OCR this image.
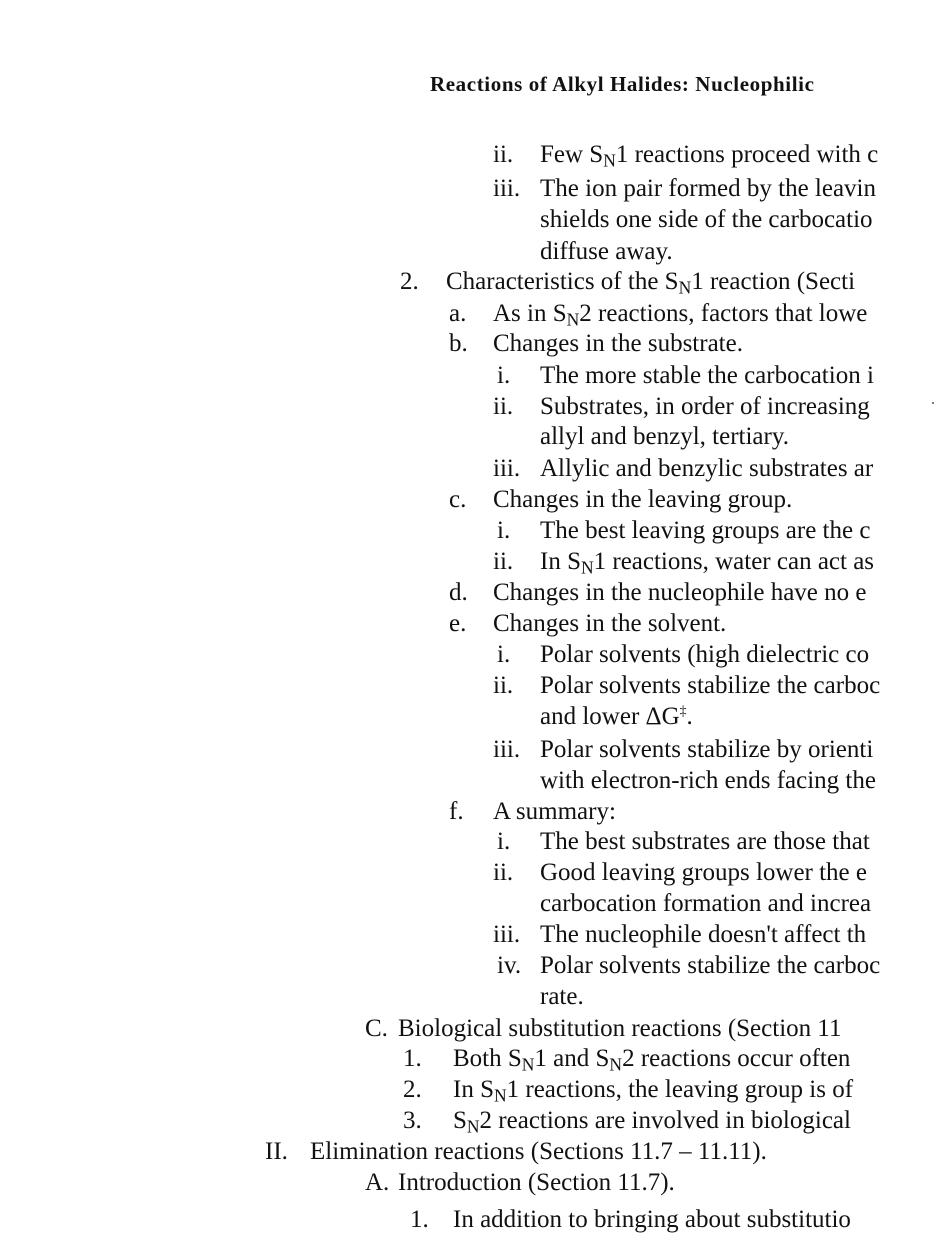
Reactions of Alkyl Halides: Nucleophilic
ii. Few $S_N1$ reactions proceed with c
iii. The ion pair formed by the leavin
shields one side of the carbocatio
diffuse away.
2. Characteristics of the $S_N1$ reaction (Secti
a. As in $S_N2$ reactions, factors that lowe
b. Changes in the substrate.
i. The more stable the carbocation i
ii. Substrates, in order of increasing
allyl and benzyl, tertiary.
iii. Allylic and benzylic substrates ar
c. Changes in the leaving group.
i. The best leaving groups are the c
ii. In $S_N1$ reactions, water can act as
d. Changes in the nucleophile have no e
e. Changes in the solvent.
i. Polar solvents (high dielectric co
ii. Polar solvents stabilize the carboc
and lower ΔG‡.
iii. Polar solvents stabilize by orienti
with electron-rich ends facing the
f. A summary:
i. The best substrates are those that
ii. Good leaving groups lower the e
carbocation formation and increa
iii. The nucleophile doesn't affect th
iv. Polar solvents stabilize the carboc
rate.
C. Biological substitution reactions (Section 11
1. Both $S_N1$ and $S_N2$ reactions occur often
2. In $S_N1$ reactions, the leaving group is of
3. $S_N2$ reactions are involved in biological
II. Elimination reactions (Sections 11.7 – 11.11).
A. Introduction (Section 11.7).
1. In addition to bringing about substitutio
